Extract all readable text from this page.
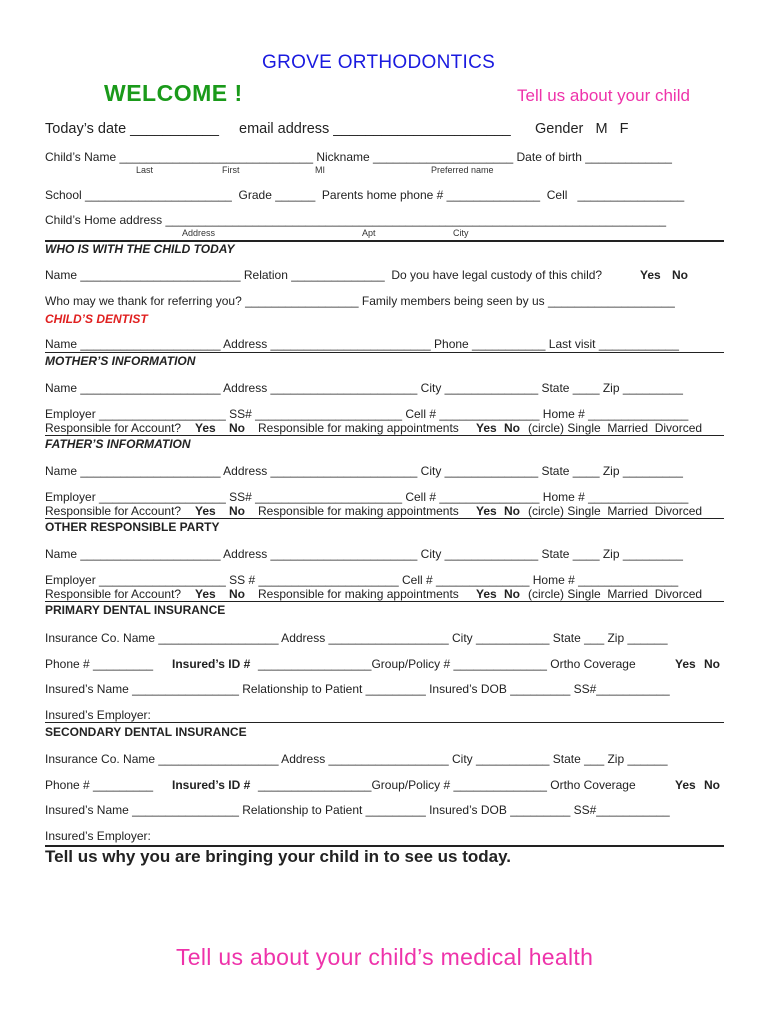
GROVE ORTHODONTICS
WELCOME !	Tell us about your child
Today’s date ___________ email address ______________________ Gender   M   F
Child’s Name _____________________________ Nickname _____________________ Date of birth _____________
Last	First	MI	Preferred name
School ______________________  Grade ______  Parents home phone # ______________  Cell   ________________
Child’s Home address ___________________________________________________________________________
Address	Apt	City
WHO IS WITH THE CHILD TODAY
Name ________________________ Relation ______________  Do you have legal custody of this child?	Yes No
Who may we thank for referring you? _________________ Family members being seen by us ___________________
CHILD’S DENTIST
Name _____________________ Address ________________________ Phone ___________ Last visit ____________
MOTHER’S INFORMATION
Name _____________________ Address ______________________ City ______________ State ____ Zip _________
Employer ___________________ SS# ______________________ Cell # _______________ Home # _______________
Responsible for Account? Yes No Responsible for making appointments Yes No (circle) Single  Married  Divorced
FATHER’S INFORMATION
Name _____________________ Address ______________________ City ______________ State ____ Zip _________
Employer ___________________ SS# ______________________ Cell # _______________ Home # _______________
Responsible for Account? Yes No Responsible for making appointments Yes No (circle) Single  Married  Divorced
OTHER RESPONSIBLE PARTY
Name _____________________ Address ______________________ City ______________ State ____ Zip _________
Employer ___________________ SS # _____________________ Cell # ______________ Home # _______________
Responsible for Account? Yes No Responsible for making appointments Yes No (circle) Single  Married  Divorced
PRIMARY DENTAL INSURANCE
Insurance Co. Name __________________ Address __________________ City ___________ State ___ Zip ______
Phone # _________ Insured’s ID # _________________Group/Policy # ______________ Ortho Coverage	Yes No
Insured’s Name ________________ Relationship to Patient _________ Insured’s DOB _________ SS#___________
Insured’s Employer:
SECONDARY DENTAL INSURANCE
Insurance Co. Name __________________ Address __________________ City ___________ State ___ Zip ______
Phone # _________ Insured’s ID # _________________Group/Policy # ______________ Ortho Coverage	Yes No
Insured’s Name ________________ Relationship to Patient _________ Insured’s DOB _________ SS#___________
Insured’s Employer:
Tell us why you are bringing your child in to see us today.
Tell us about your child’s medical health
